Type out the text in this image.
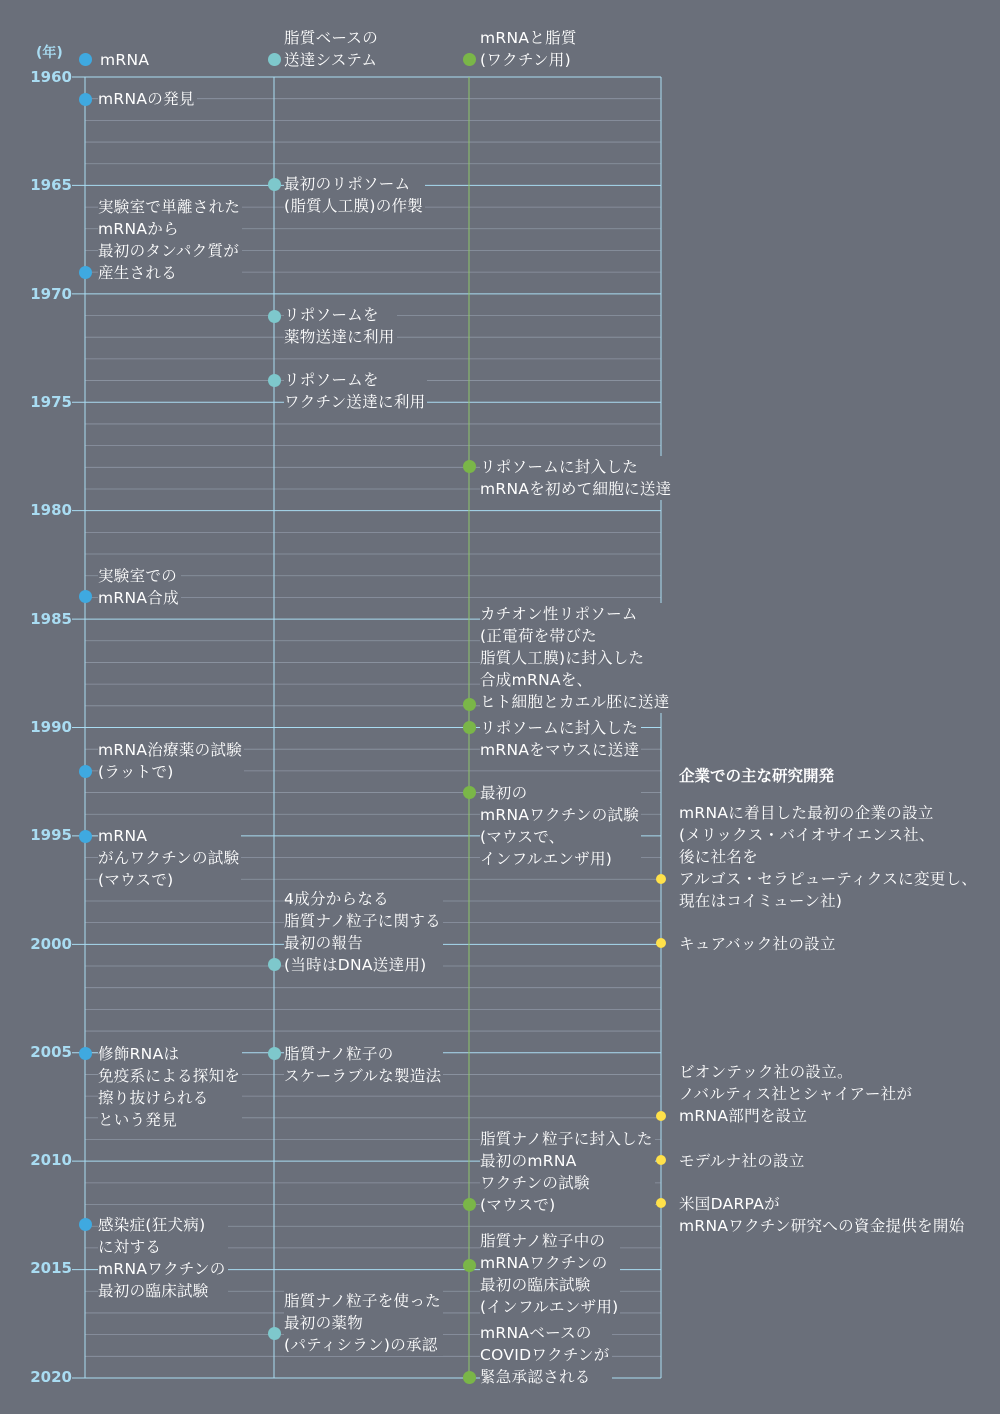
(年)
1960
1965
1970
1975
1980
1985
1990
1995
2000
2005
2010
2015
2020
mRNA
脂質ベースの
送達システム
mRNAと脂質
(ワクチン用)
mRNAの発見
実験室で単離された
mRNAから
最初のタンパク質が
産生される
実験室での
mRNA合成
mRNA治療薬の試験
(ラットで)
mRNA
がんワクチンの試験
(マウスで)
修飾RNAは
免疫系による探知を
擦り抜けられる
という発見
感染症(狂犬病)
に対する
mRNAワクチンの
最初の臨床試験
最初のリポソーム
(脂質人工膜)の作製
リポソームを
薬物送達に利用
リポソームを
ワクチン送達に利用
4成分からなる
脂質ナノ粒子に関する
最初の報告
(当時はDNA送達用)
脂質ナノ粒子の
スケーラブルな製造法
脂質ナノ粒子を使った
最初の薬物
(パティシラン)の承認
リポソームに封入した
mRNAを初めて細胞に送達
カチオン性リポソーム
(正電荷を帯びた
脂質人工膜)に封入した
合成mRNAを、
ヒト細胞とカエル胚に送達
リポソームに封入した
mRNAをマウスに送達
最初の
mRNAワクチンの試験
(マウスで、
インフルエンザ用)
脂質ナノ粒子に封入した
最初のmRNA
ワクチンの試験
(マウスで)
脂質ナノ粒子中の
mRNAワクチンの
最初の臨床試験
(インフルエンザ用)
mRNAベースの
COVIDワクチンが
緊急承認される
企業での主な研究開発
mRNAに着目した最初の企業の設立
(メリックス・バイオサイエンス社、
後に社名を
アルゴス・セラピューティクスに変更し、
現在はコイミューン社)
キュアバック社の設立
ビオンテック社の設立。
ノバルティス社とシャイアー社が
mRNA部門を設立
モデルナ社の設立
米国DARPAが
mRNAワクチン研究への資金提供を開始
